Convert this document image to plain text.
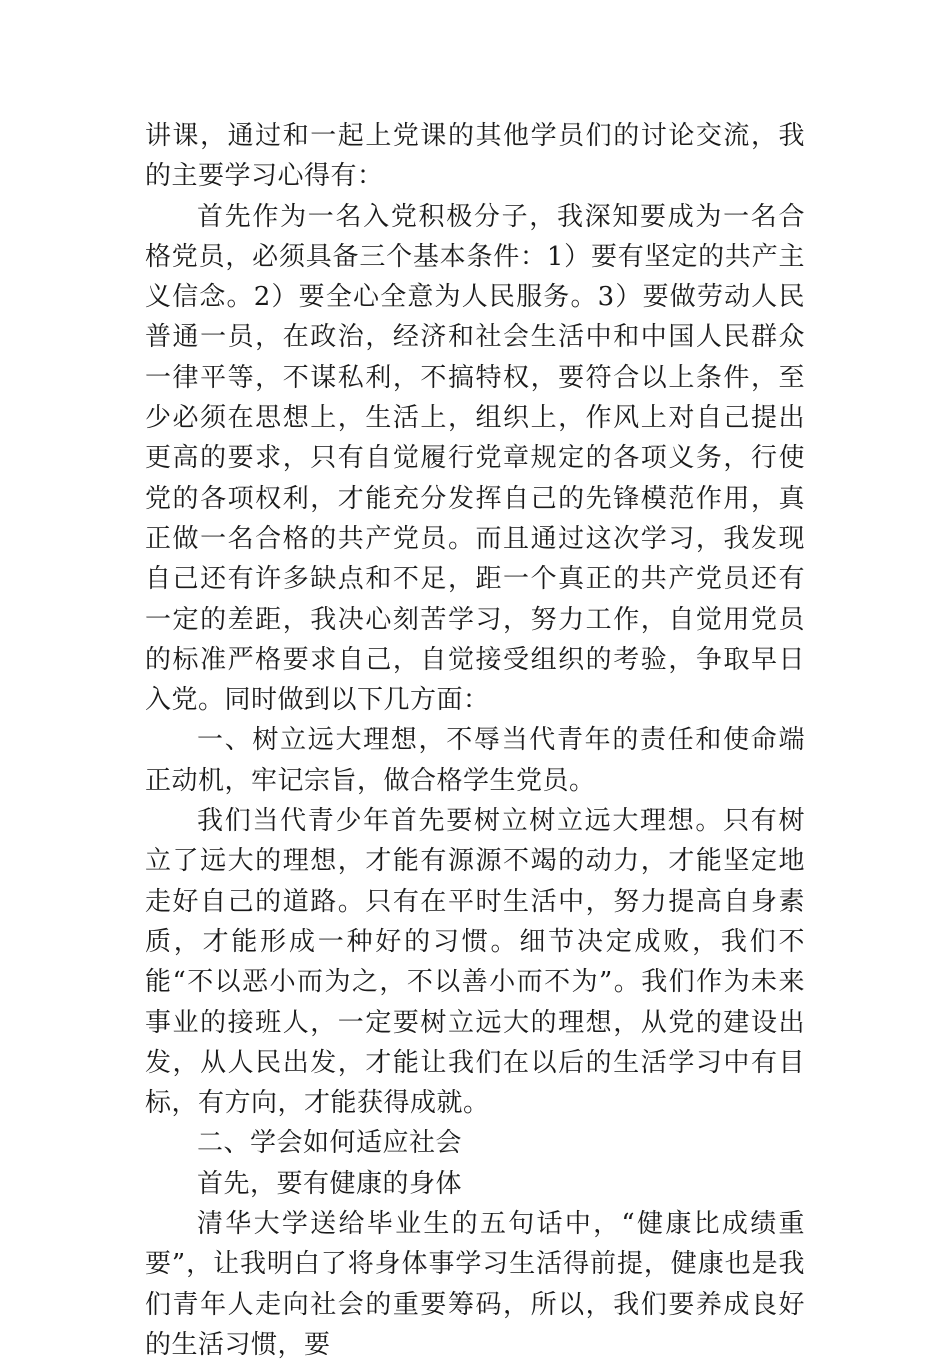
讲课，通过和一起上党课的其他学员们的讨论交流，我的主要学习心得有：

首先作为一名入党积极分子，我深知要成为一名合格党员，必须具备三个基本条件：1）要有坚定的共产主义信念。2）要全心全意为人民服务。3）要做劳动人民普通一员，在政治，经济和社会生活中和中国人民群众一律平等，不谋私利，不搞特权，要符合以上条件，至少必须在思想上，生活上，组织上，作风上对自己提出更高的要求，只有自觉履行党章规定的各项义务，行使党的各项权利，才能充分发挥自己的先锋模范作用，真正做一名合格的共产党员。而且通过这次学习，我发现自己还有许多缺点和不足，距一个真正的共产党员还有一定的差距，我决心刻苦学习，努力工作，自觉用党员的标准严格要求自己，自觉接受组织的考验，争取早日入党。同时做到以下几方面：

一、树立远大理想，不辱当代青年的责任和使命端正动机，牢记宗旨，做合格学生党员。

我们当代青少年首先要树立树立远大理想。只有树立了远大的理想，才能有源源不竭的动力，才能坚定地走好自己的道路。只有在平时生活中，努力提高自身素质，才能形成一种好的习惯。细节决定成败，我们不能“不以恶小而为之，不以善小而不为”。我们作为未来事业的接班人，一定要树立远大的理想，从党的建设出发，从人民出发，才能让我们在以后的生活学习中有目标，有方向，才能获得成就。

二、学会如何适应社会

首先，要有健康的身体

清华大学送给毕业生的五句话中，“健康比成绩重要”，让我明白了将身体事学习生活得前提，健康也是我们青年人走向社会的重要筹码，所以，我们要养成良好的生活习惯，要
